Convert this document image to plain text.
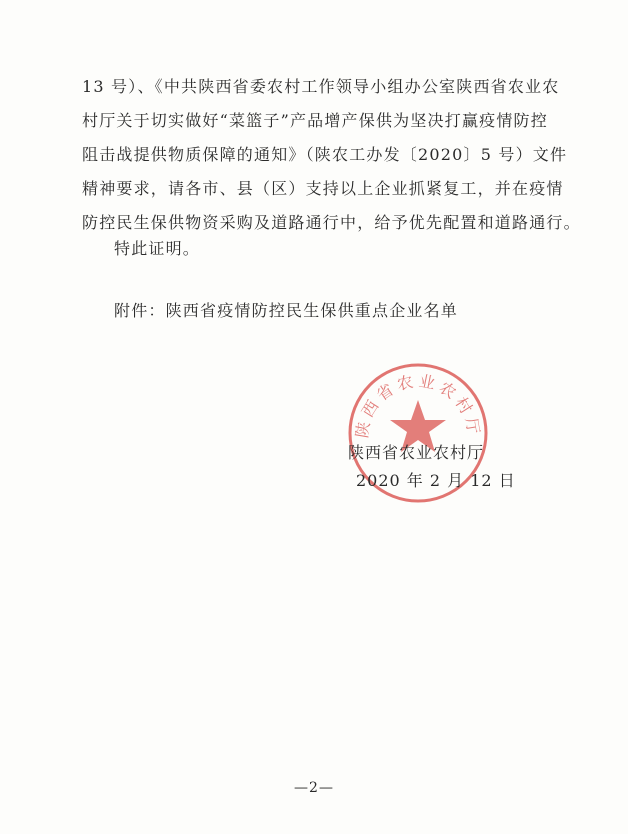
13 号）、《中共陕西省委农村工作领导小组办公室陕西省农业农
村厅关于切实做好“菜篮子”产品增产保供为坚决打赢疫情防控
阻击战提供物质保障的通知》（陕农工办发〔2020〕5 号）文件
精神要求，请各市、县（区）支持以上企业抓紧复工，并在疫情
防控民生保供物资采购及道路通行中，给予优先配置和道路通行。
特此证明。
附件：陕西省疫情防控民生保供重点企业名单
陕西省农业农村厅
陕西省农业农村厅
2020 年 2 月 12 日
—2—
